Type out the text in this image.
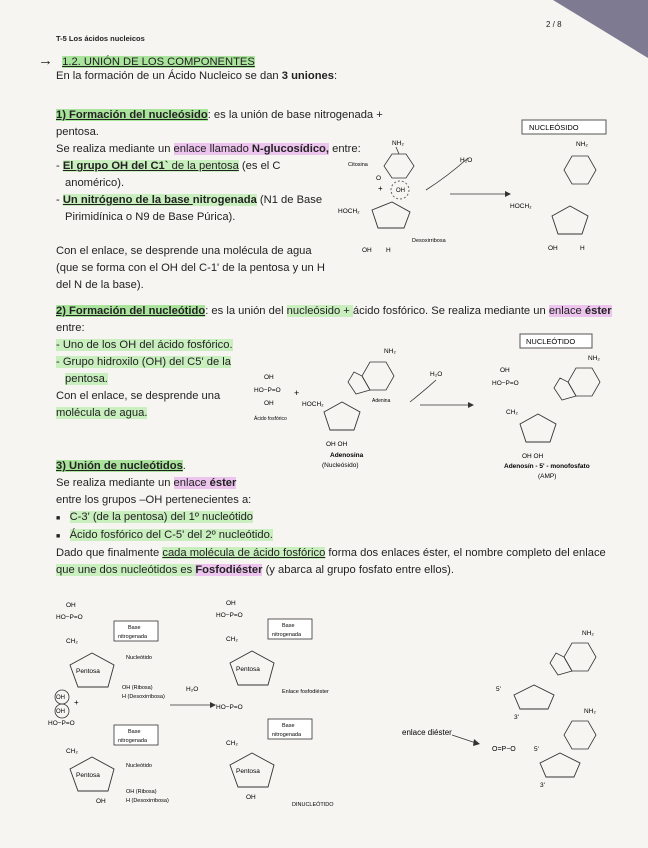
T-5 Los ácidos nucleicos
2 / 8
→ 1.2. UNIÓN DE LOS COMPONENTES
En la formación de un Ácido Nucleico se dan 3 uniones:
1) Formación del nucleósido: es la unión de base nitrogenada + pentosa.
Se realiza mediante un enlace llamado N-glucosídico, entre:
- El grupo OH del C1` de la pentosa (es el C
anomérico).
- Un nitrógeno de la base nitrogenada (N1 de Base
Pirimidínica o N9 de Base Púrica).
Con el enlace, se desprende una molécula de agua
(que se forma con el OH del C-1' de la pentosa y un H
del N de la base).
NUCLEÓSIDO
Citosina
NH₂
O
+ OH
HOCH₂
Desoxirribosa
OH H
H₂O
NH₂
HOCH₂
OH	H
2) Formación del nucleótido: es la unión del nucleósido + ácido fosfórico. Se realiza mediante un enlace éster
entre:
- Uno de los OH del ácido fosfórico.
- Grupo hidroxilo (OH) del C5' de la
pentosa.
Con el enlace, se desprende una
molécula de agua.
NUCLEÓTIDO
OH
HO−P=O
OH
Ácido fosfórico
+
NH₂
Adenina
HOCH₂
OH OH
Adenosina
(Nucleósido)
H₂O
NH₂
OH
HO−P=O
CH₂
OH OH
Adenosín - 5' - monofosfato
(AMP)
3) Unión de nucleótidos.
Se realiza mediante un enlace éster
entre los grupos –OH pertenecientes a:
■ C-3' (de la pentosa) del 1º nucleótido
■ Ácido fosfórico del C-5' del 2º nucleótido.
Dado que finalmente cada molécula de ácido fosfórico forma dos enlaces éster, el nombre completo del enlace
que une dos nucleótidos es Fosfodiéster (y abarca al grupo fosfato entre ellos).
OH
HO−P=O
CH₂
Base
nitrogenada
Pentosa
Nucleótido
OH (Ribosa)
H (Desoxirribosa)
OH
OH
+
HO−P=O
CH₂
Base
nitrogenada
Pentosa
Nucleótido
OH
OH (Ribosa)
H (Desoxirribosa)
H₂O
OH
HO−P=O
CH₂
Base
nitrogenada
Pentosa
Enlace fosfodiéster
HO−P=O
CH₂
Base
nitrogenada
Pentosa
OH
DINUCLEÓTIDO
NH₂
5'
3'
NH₂
enlace diéster
O=P−O	5'
3'
